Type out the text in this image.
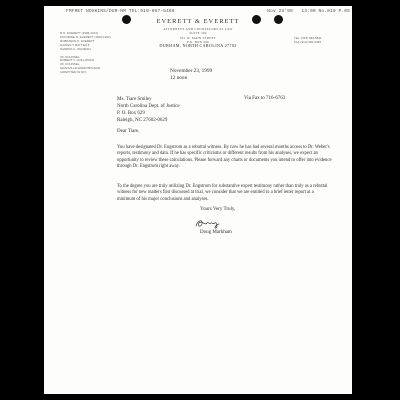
FMFRET NOSKINS/DUR-NM TEL:919-867-5469	Nov 23'99   13:00 No.010 P.05
EVERETT & EVERETT
ATTORNEYS AND COUNSELORS AT LAW
SUITE 300
301 W. MAIN STREET
P.O. BOX 586
DURHAM, NORTH CAROLINA 27702
R.O. EVERETT (1905-1974)
KATHRINE R. EVERETT (1906-1992)
ROBINSON O. EVERETT
GAINES T. BATTEN II
SANDRA G. WAXMAN
OF COUNSEL
ROBERT C. HOLLOMAN
OF COUNSEL
GRANVILLE WARD BRANCE
(ADMITTED IN DC)
TEL. (919) 682-5691
FAX (919) 682-5469
November 23, 1999
12 noon
Ms. Tiare Smiley
North Carolina Dept. of Justice
P. O. Box 629
Raleigh, NC 27602-0629
Via Fax to 716-6763
Dear Tiare,
You have designated Dr. Engstrom as a rebuttal witness. By now he has had several months access to Dr. Weber's reports, testimony and data. If he has specific criticisms or different results from his analyses, we expect an opportunity to review these calculations. Please forward any charts or documents you intend to offer into evidence through Dr. Engstrom right away.
To the degree you are truly utilizing Dr. Engstrom for substantive expert testimony rather than truly as a rebuttal witness for new matters first discussed at trial, we consider that we are entitled to a brief letter report at a minimum of his major conclusions and analyses.
Yours Very Truly,
Doug Markham
